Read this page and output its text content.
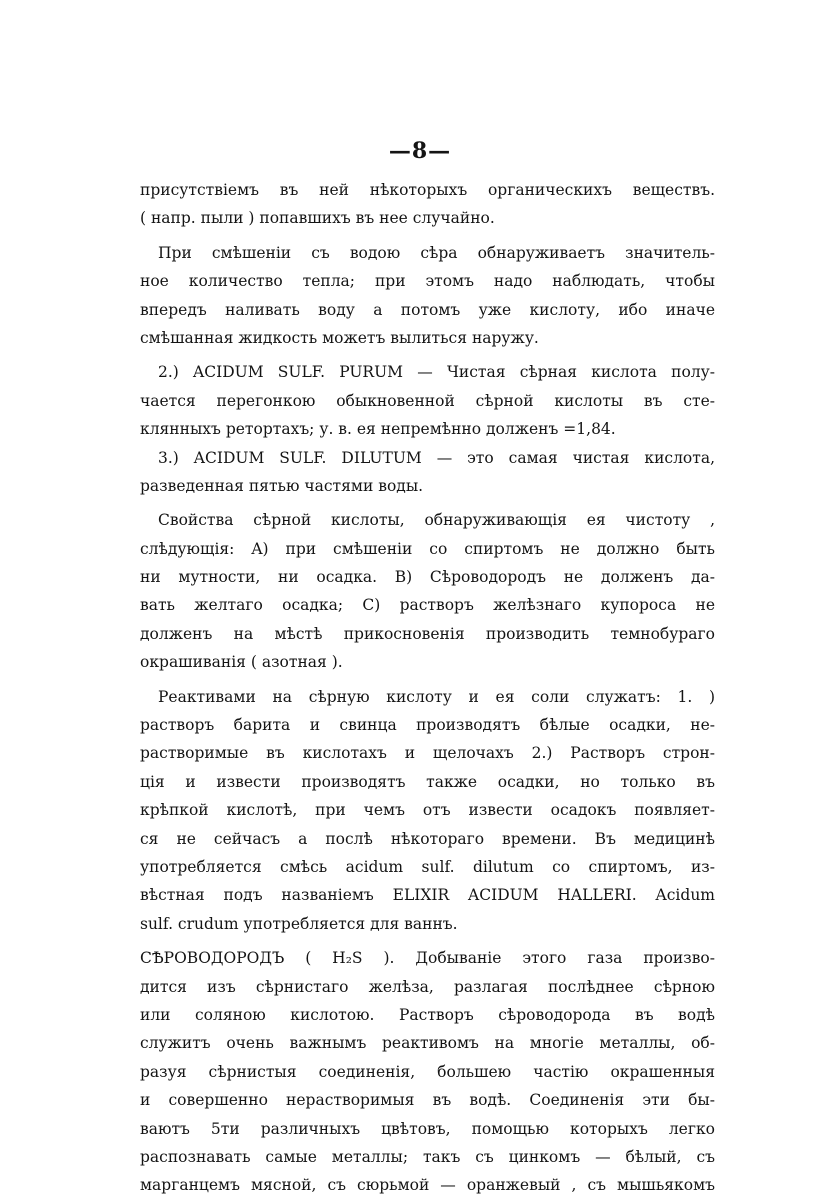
—8—
присутствіемъ въ ней нѣкоторыхъ органическихъ веществъ.
( напр. пыли ) попавшихъ въ нее случайно.
При смѣшеніи съ водою сѣра обнаруживаетъ значитель-
ное количество тепла; при этомъ надо наблюдать, чтобы
впередъ наливать воду а потомъ уже кислоту, ибо иначе
смѣшанная жидкость можетъ вылиться наружу.
2.) ACIDUM SULF. PURUM — Чистая сѣрная кислота полу-
чается перегонкою обыкновенной сѣрной кислоты въ сте-
клянныхъ ретортахъ; у. в. ея непремѣнно долженъ =1,84.
3.) ACIDUM SULF. DILUTUM — это самая чистая кислота,
разведенная пятью частями воды.
Свойства сѣрной кислоты, обнаруживающія ея чистоту ,
слѣдующія: A) при смѣшеніи со спиртомъ не должно быть
ни мутности, ни осадка. B) Сѣроводородъ не долженъ да-
вать желтаго осадка; C) растворъ желѣзнаго купороса не
долженъ на мѣстѣ прикосновенія производить темнобураго
окрашиванія ( азотная ).
Реактивами на сѣрную кислоту и ея соли служатъ: 1. )
растворъ барита и свинца производятъ бѣлые осадки, не-
растворимые въ кислотахъ и щелочахъ 2.) Растворъ строн-
ція и извести производятъ также осадки, но только въ
крѣпкой кислотѣ, при чемъ отъ извести осадокъ появляет-
ся не сейчасъ а послѣ нѣкотораго времени. Въ медицинѣ
употребляется смѣсь acidum sulf. dilutum со спиртомъ, из-
вѣстная подъ названіемъ ELIXIR ACIDUM HALLERI. Acidum
sulf. crudum употребляется для ваннъ.
СѢРОВОДОРОДЪ ( H₂S ). Добываніе этого газа произво-
дится изъ сѣрнистаго желѣза, разлагая послѣднее сѣрною
или соляною кислотою. Растворъ сѣроводорода въ водѣ
служитъ очень важнымъ реактивомъ на многіе металлы, об-
разуя сѣрнистыя соединенія, большею частію окрашенныя
и совершенно нерастворимыя въ водѣ. Соединенія эти бы-
ваютъ 5ти различныхъ цвѣтовъ, помощью которыхъ легко
распознавать самые металлы; такъ съ цинкомъ — бѣлый, съ
марганцемъ мясной, съ сюрьмой — оранжевый , съ мышьякомъ
